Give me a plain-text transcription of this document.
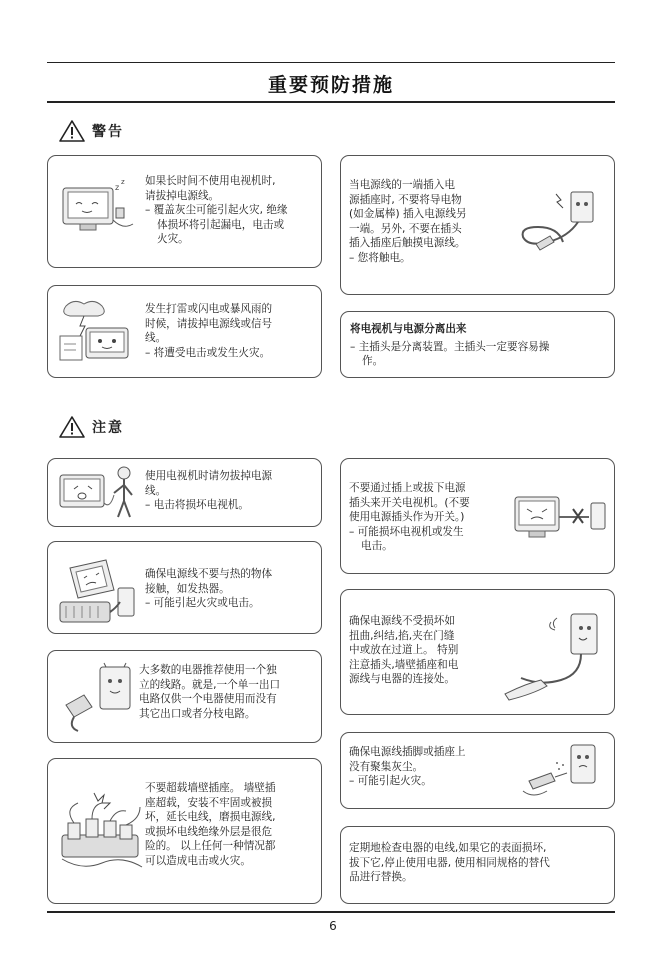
重要预防措施
警告
z
z 如果长时间不使用电视机时,

请拔掉电源线。

– 覆盖灰尘可能引起火灾, 绝缘

体损坏将引起漏电，电击或

火灾。

当电源线的一端插入电

源插座时, 不要将导电物

(如金属棒) 插入电源线另

一端。另外, 不要在插头

插入插座后触摸电源线。

– 您将触电。

发生打雷或闪电或暴风雨的

时候，请拔掉电源线或信号

线。

– 将遭受电击或发生火灾。

将电视机与电源分离出来

– 主插头是分离装置。主插头一定要容易操

作。

注意

使用电视机时请勿拔掉电源

线。

– 电击将损坏电视机。

不要通过插上或拔下电源

插头来开关电视机。(不要

使用电源插头作为开关。)

– 可能损坏电视机或发生

电击。

确保电源线不要与热的物体

接触，如发热器。

– 可能引起火灾或电击。

确保电源线不受损坏如

扭曲,纠结,掐,夹在门缝

中或放在过道上。 特别

注意插头,墙壁插座和电

源线与电器的连接处。

大多数的电器推荐使用一个独

立的线路。就是,一个单一出口

电路仅供一个电器使用而没有

其它出口或者分枝电路。

确保电源线插脚或插座上

没有聚集灰尘。

– 可能引起火灾。

不要超载墙壁插座。 墙壁插

座超载，安装不牢固或被损

坏，延长电线，磨损电源线,

或损坏电线绝缘外层是很危

险的。 以上任何一种情况都

可以造成电击或火灾。

定期地检查电器的电线,如果它的表面损坏,

拔下它,停止使用电器, 使用相同规格的替代

品进行替换。

6
